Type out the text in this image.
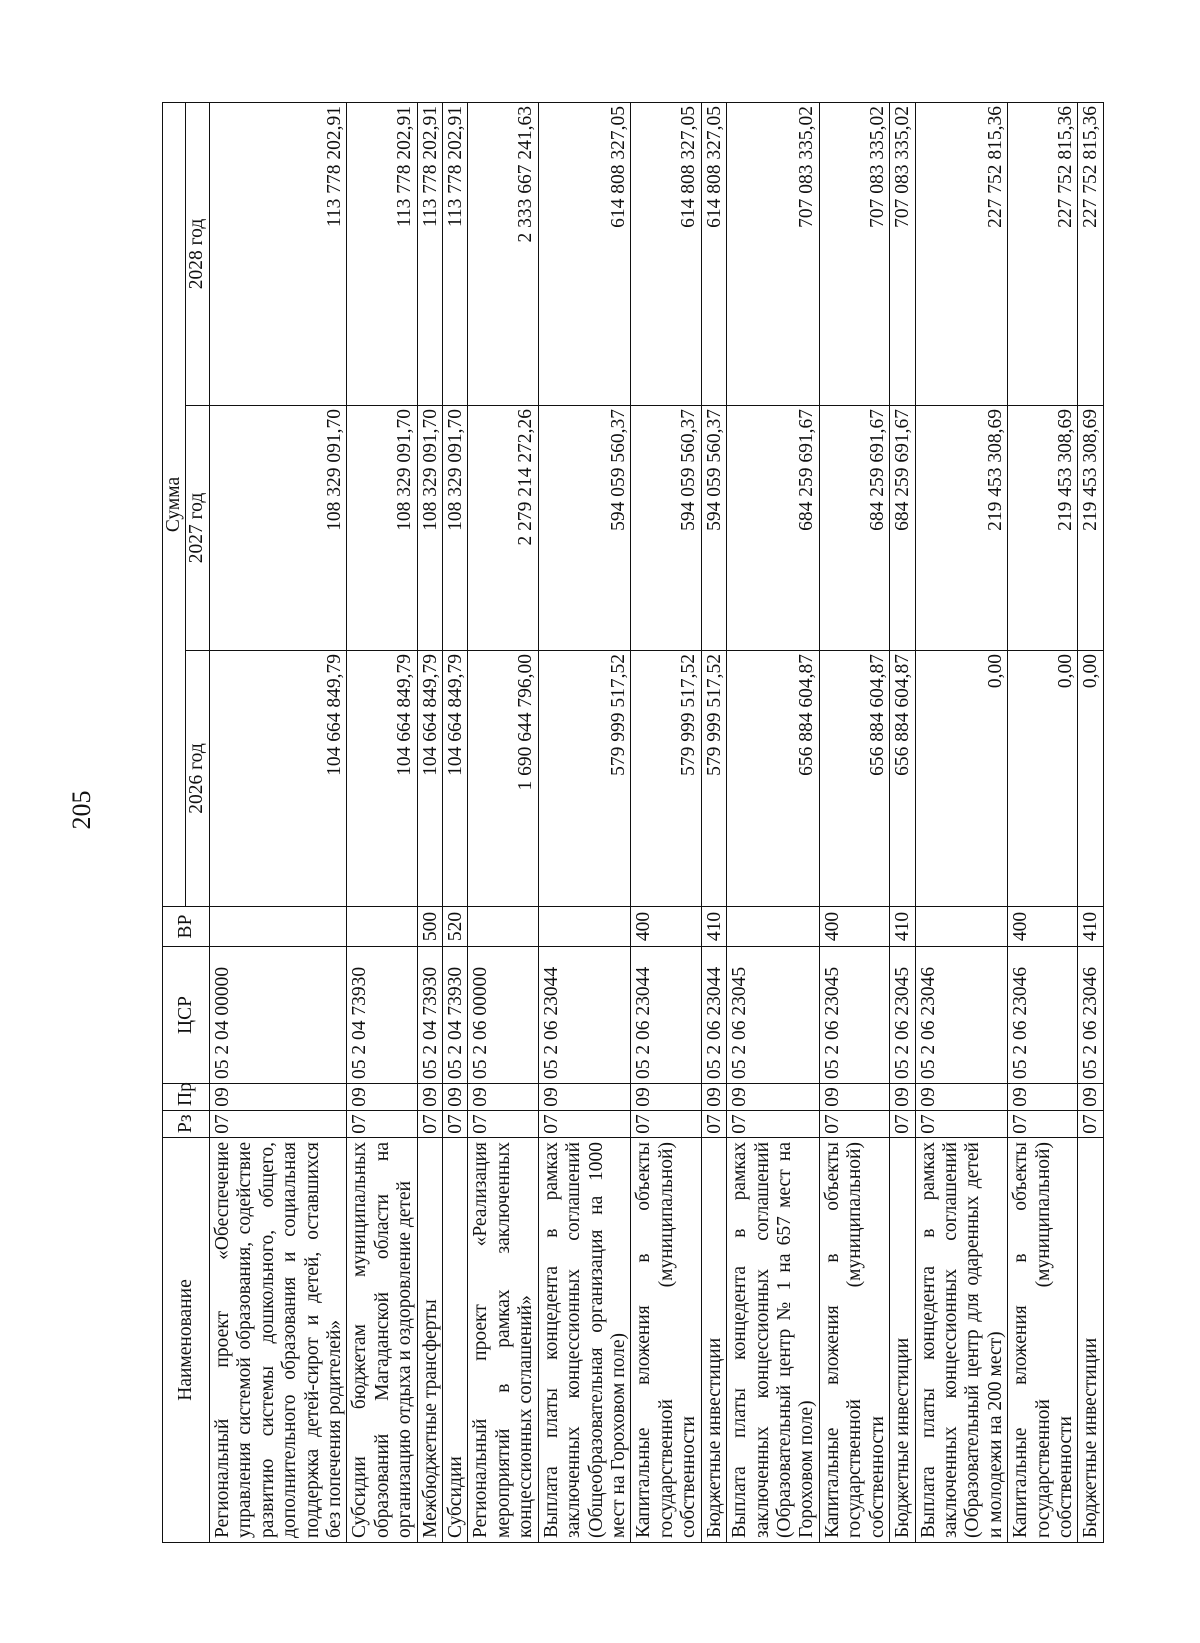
205
Наименование	Рз	Пр	ЦСР	ВР	Сумма		
					2026 год	2027 год	2028 год
Региональный проект «Обеспечение управления системой образования, содействие развитию системы дошкольного, общего, дополнительного образования и социальная поддержка детей-сирот и детей, оставшихся без попечения родителей»	07	09	05 2 04 00000		104 664 849,79	108 329 091,70	113 778 202,91
Субсидии бюджетам муниципальных образований Магаданской области на организацию отдыха и оздоровление детей	07	09	05 2 04 73930		104 664 849,79	108 329 091,70	113 778 202,91
Межбюджетные трансферты	07	09	05 2 04 73930	500	104 664 849,79	108 329 091,70	113 778 202,91
Субсидии	07	09	05 2 04 73930	520	104 664 849,79	108 329 091,70	113 778 202,91
Региональный проект «Реализация мероприятий в рамках заключенных концессионных соглашений»	07	09	05 2 06 00000		1 690 644 796,00	2 279 214 272,26	2 333 667 241,63
Выплата платы концедента в рамках заключенных концессионных соглашений (Общеобразовательная организация на 1000 мест на Гороховом поле)	07	09	05 2 06 23044		579 999 517,52	594 059 560,37	614 808 327,05
Капитальные вложения в объекты государственной (муниципальной) собственности	07	09	05 2 06 23044	400	579 999 517,52	594 059 560,37	614 808 327,05
Бюджетные инвестиции	07	09	05 2 06 23044	410	579 999 517,52	594 059 560,37	614 808 327,05
Выплата платы концедента в рамках заключенных концессионных соглашений (Образовательный центр № 1 на 657 мест на Гороховом поле)	07	09	05 2 06 23045		656 884 604,87	684 259 691,67	707 083 335,02
Капитальные вложения в объекты государственной (муниципальной) собственности	07	09	05 2 06 23045	400	656 884 604,87	684 259 691,67	707 083 335,02
Бюджетные инвестиции	07	09	05 2 06 23045	410	656 884 604,87	684 259 691,67	707 083 335,02
Выплата платы концедента в рамках заключенных концессионных соглашений (Образовательный центр для одаренных детей и молодежи на 200 мест)	07	09	05 2 06 23046		0,00	219 453 308,69	227 752 815,36
Капитальные вложения в объекты государственной (муниципальной) собственности	07	09	05 2 06 23046	400	0,00	219 453 308,69	227 752 815,36
Бюджетные инвестиции	07	09	05 2 06 23046	410	0,00	219 453 308,69	227 752 815,36
